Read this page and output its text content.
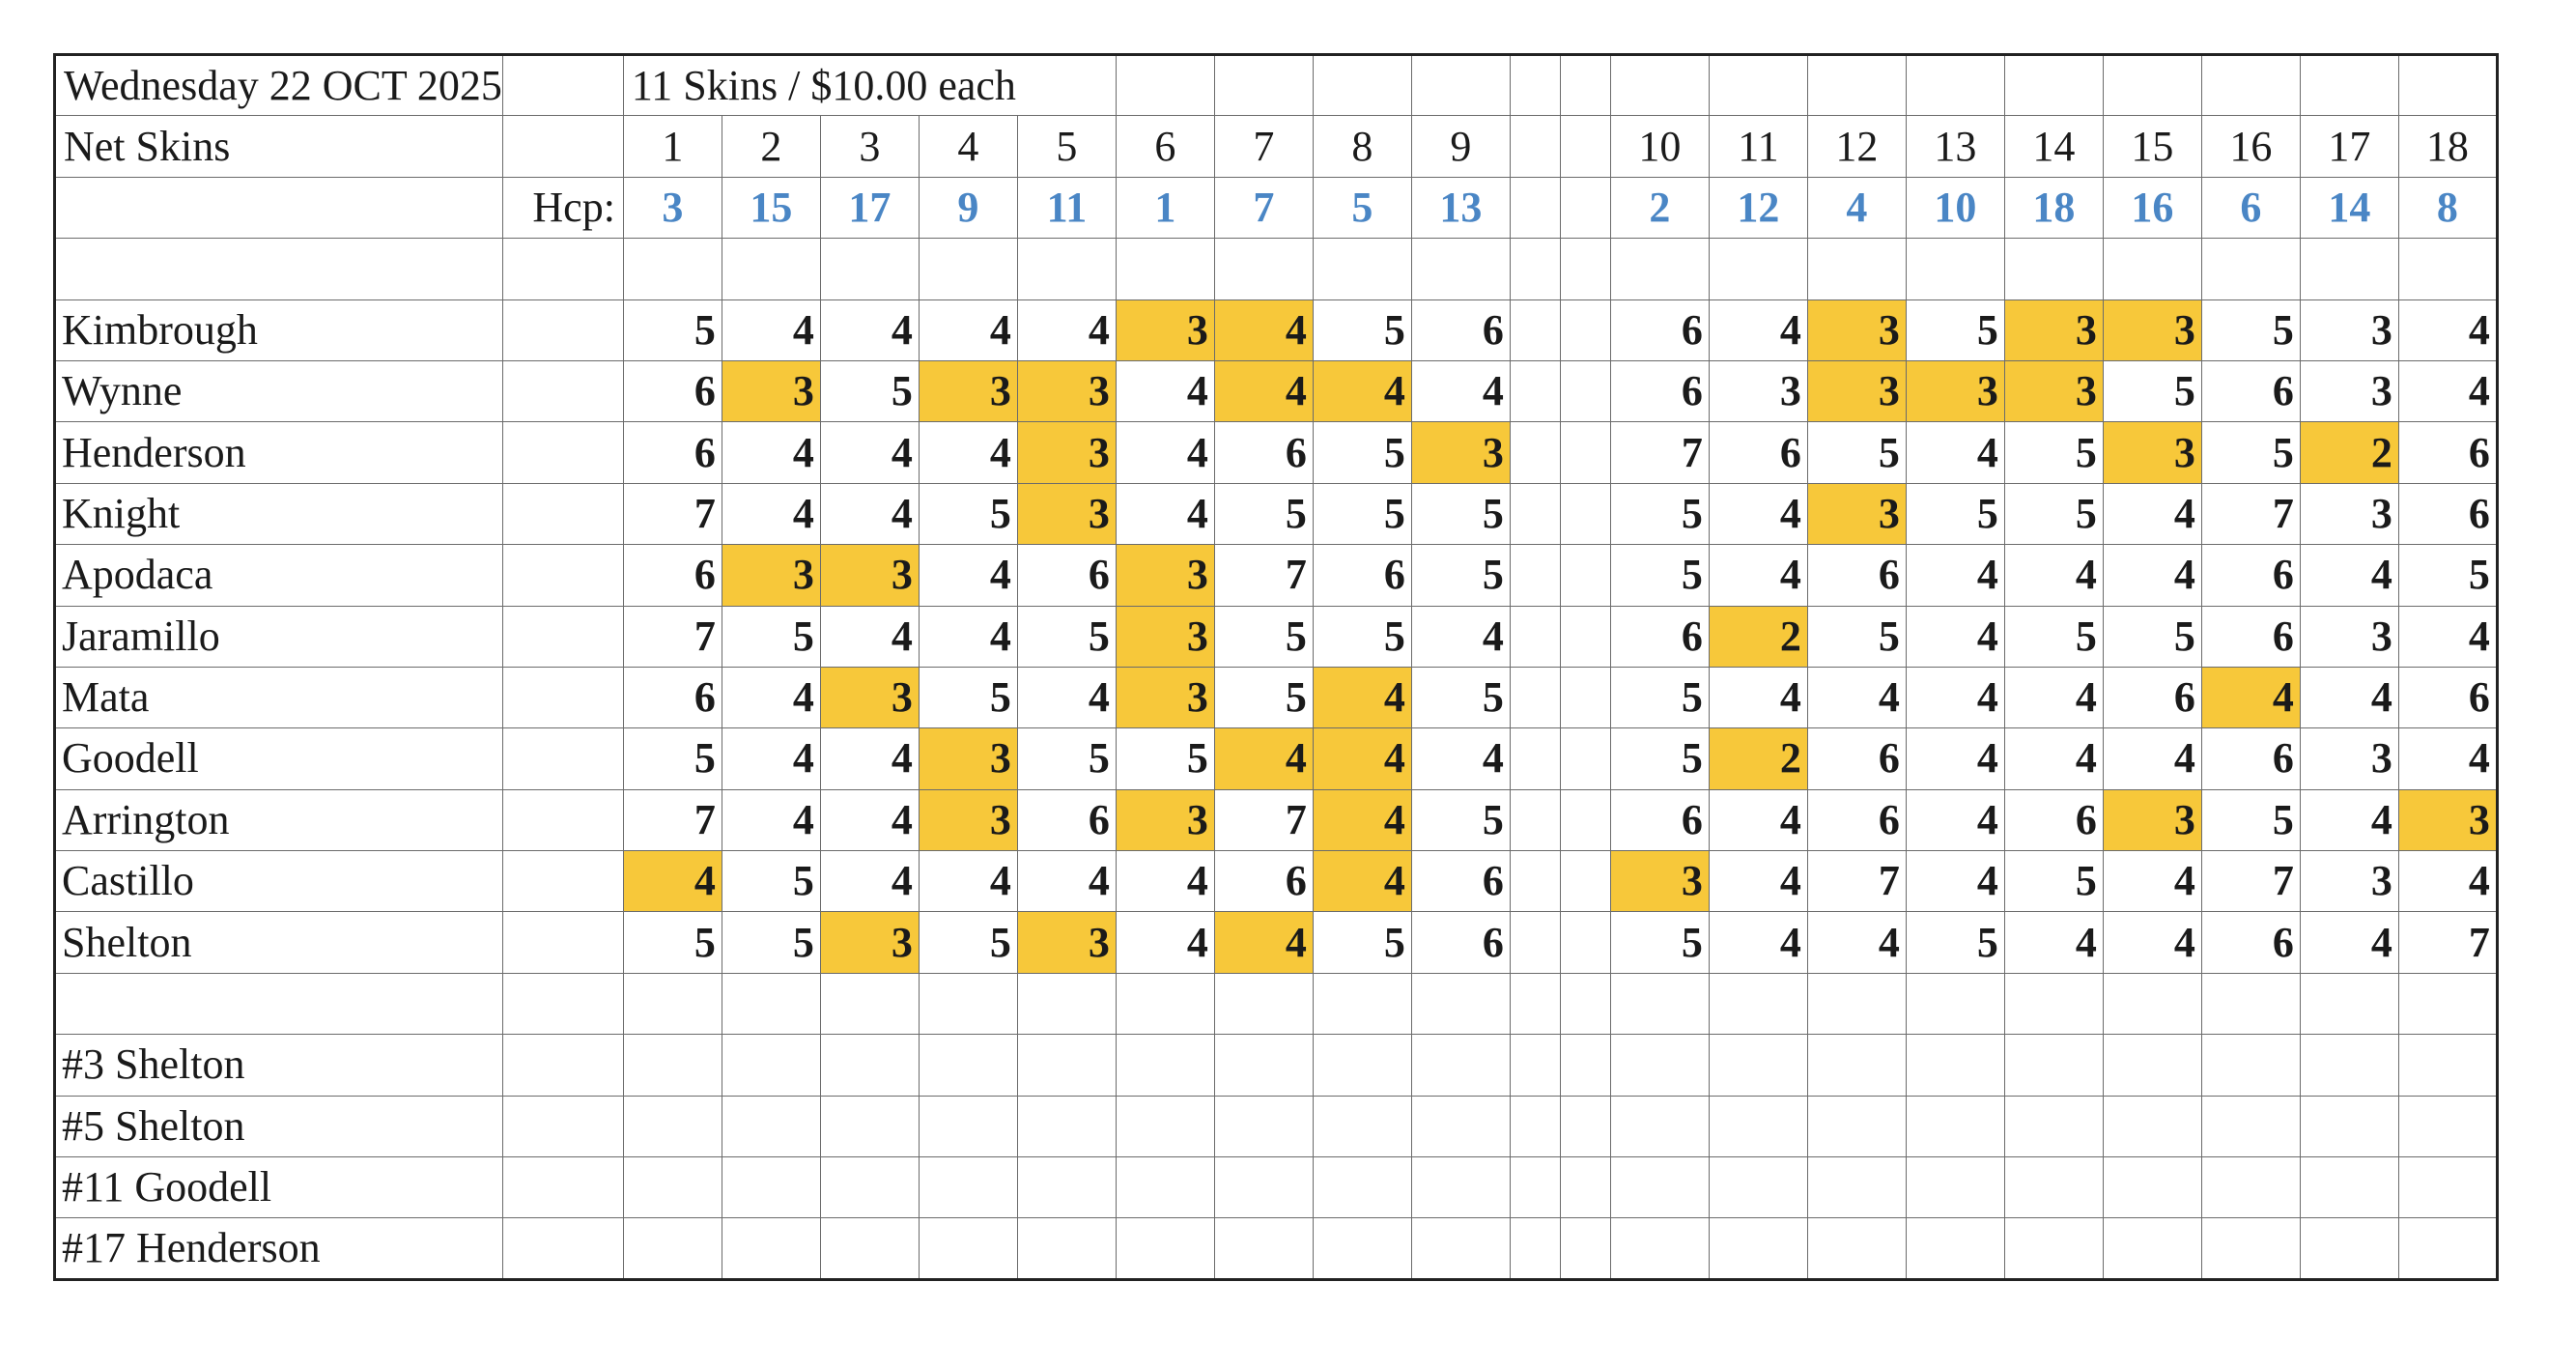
Wednesday 22 OCT 2025		11 Skins / $10.00 each																			
Net Skins		1	2	3	4	5	6	7	8	9			10	11	12	13	14	15	16	17	18
	Hcp:	3	15	17	9	11	1	7	5	13			2	12	4	10	18	16	6	14	8

Kimbrough		5	4	4	4	4	3	4	5	6			6	4	3	5	3	3	5	3	4
Wynne		6	3	5	3	3	4	4	4	4			6	3	3	3	3	5	6	3	4
Henderson		6	4	4	4	3	4	6	5	3			7	6	5	4	5	3	5	2	6
Knight		7	4	4	5	3	4	5	5	5			5	4	3	5	5	4	7	3	6
Apodaca		6	3	3	4	6	3	7	6	5			5	4	6	4	4	4	6	4	5
Jaramillo		7	5	4	4	5	3	5	5	4			6	2	5	4	5	5	6	3	4
Mata		6	4	3	5	4	3	5	4	5			5	4	4	4	4	6	4	4	6
Goodell		5	4	4	3	5	5	4	4	4			5	2	6	4	4	4	6	3	4
Arrington		7	4	4	3	6	3	7	4	5			6	4	6	4	6	3	5	4	3
Castillo		4	5	4	4	4	4	6	4	6			3	4	7	4	5	4	7	3	4
Shelton		5	5	3	5	3	4	4	5	6			5	4	4	5	4	4	6	4	7

#3 Shelton																					
#5 Shelton																					
#11 Goodell																					
#17 Henderson																					
